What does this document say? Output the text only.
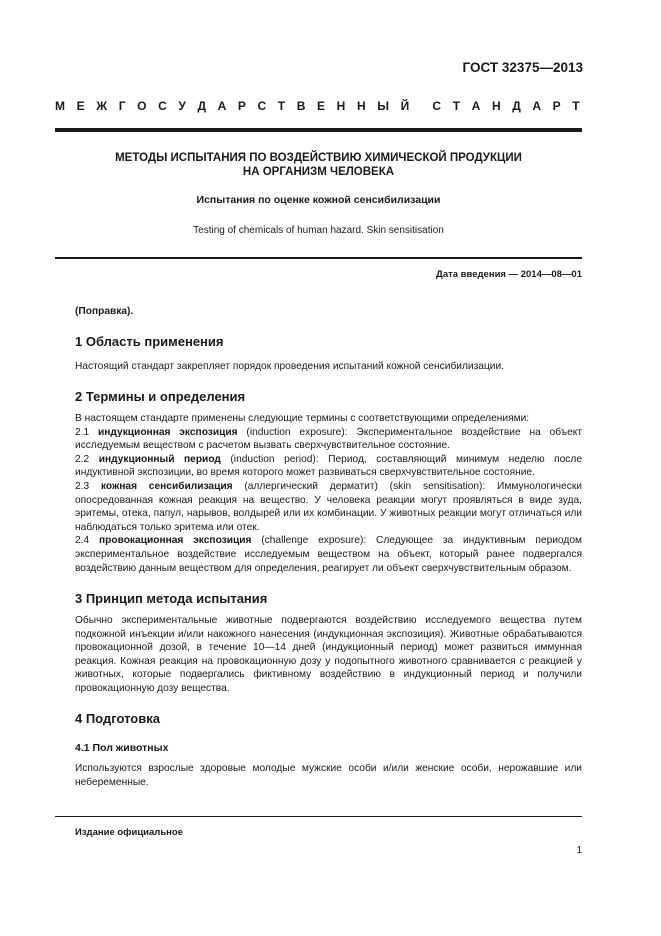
ГОСТ 32375—2013
М Е Ж Г О С У Д А Р С Т В Е Н Н Ы Й С Т А Н Д А Р Т
МЕТОДЫ ИСПЫТАНИЯ ПО ВОЗДЕЙСТВИЮ ХИМИЧЕСКОЙ ПРОДУКЦИИ
НА ОРГАНИЗМ ЧЕЛОВЕКА
Испытания по оценке кожной сенсибилизации
Testing of chemicals of human hazard. Skin sensitisation
Дата введения — 2014—08—01
(Поправка).
1 Область применения
Настоящий стандарт закрепляет порядок проведения испытаний кожной сенсибилизации.
2 Термины и определения

В настоящем стандарте применены следующие термины с соответствующими определениями:

2.1 индукционная экспозиция (induction exposure): Экспериментальное воздействие на объект исследуемым веществом с расчетом вызвать сверхчувствительное состояние.

2.2 индукционный период (induction period): Период, составляющий минимум неделю после индуктивной экспозиции, во время которого может развиваться сверхчувствительное состояние.

2.3 кожная сенсибилизация (аллергический дерматит) (skin sensitisation): Иммунологически опосредованная кожная реакция на вещество. У человека реакции могут проявляться в виде зуда, эритемы, отека, папул, нарывов, волдырей или их комбинации. У животных реакции могут отличаться или наблюдаться только эритема или отек.

2.4 провокационная экспозиция (challenge exposure): Следующее за индуктивным периодом экспериментальное воздействие исследуемым веществом на объект, который ранее подвергался воздействию данным веществом для определения, реагирует ли объект сверхчувствительным образом.

3 Принцип метода испытания
Обычно экспериментальные животные подвергаются воздействию исследуемого вещества путем подкожной инъекции и/или накожного нанесения (индукционная экспозиция). Животные обрабатываются провокационной дозой, в течение 10—14 дней (индукционный период) может развиться иммунная реакция. Кожная реакция на провокационную дозу у подопытного животного сравнивается с реакцией у животных, которые подвергались фиктивному воздействию в индукционный период и получили провокационную дозу вещества.
4 Подготовка
4.1 Пол животных
Используются взрослые здоровые молодые мужские особи и/или женские особи, нерожавшие или небеременные.
Издание официальное
1
